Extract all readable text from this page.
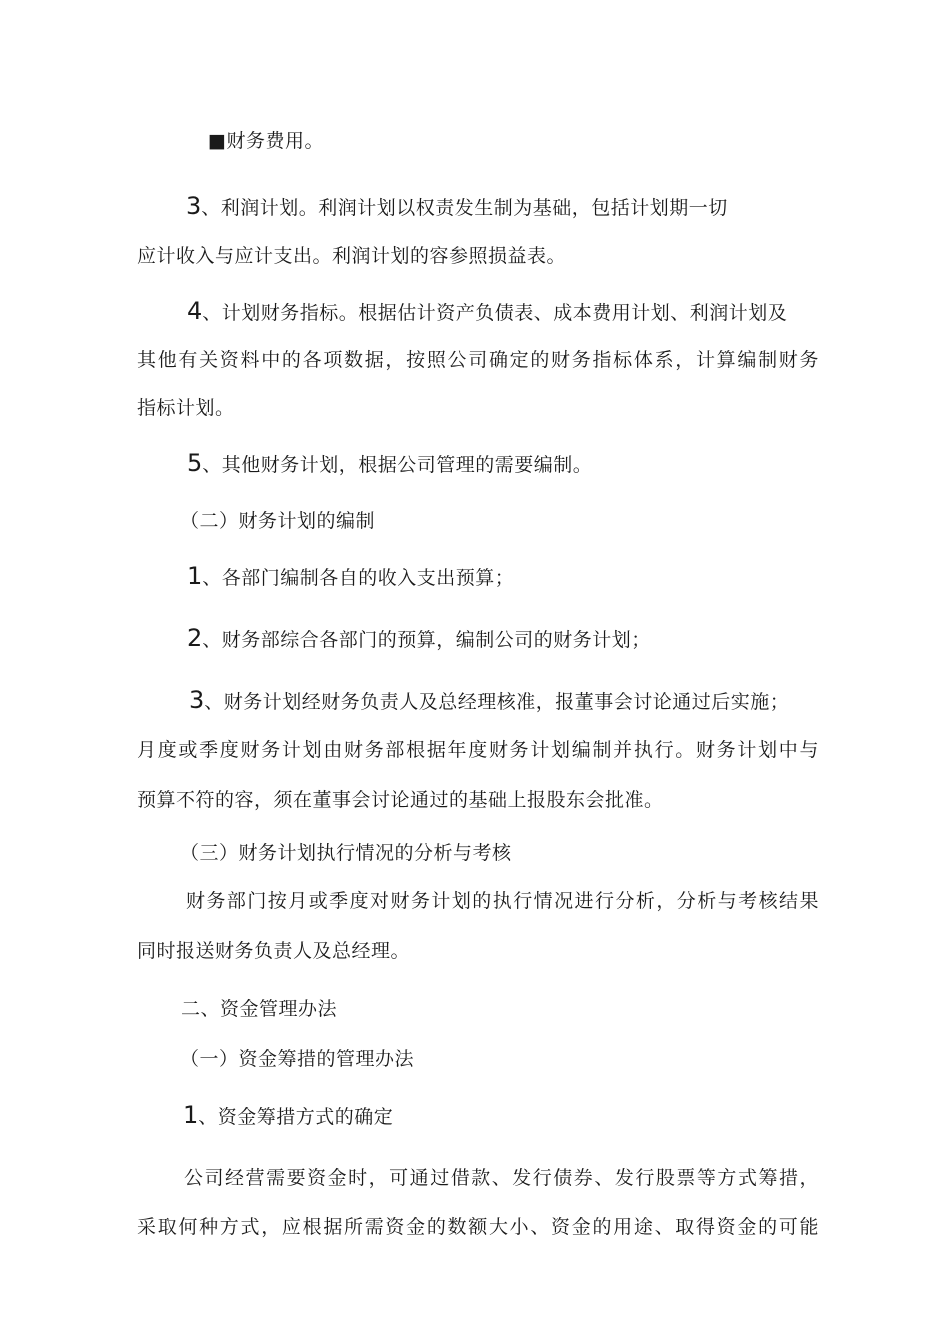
■财务费用。
3、利润计划。利润计划以权责发生制为基础，包括计划期一切
应计收入与应计支出。利润计划的容参照损益表。
4、计划财务指标。根据估计资产负债表、成本费用计划、利润计划及
其他有关资料中的各项数据，按照公司确定的财务指标体系，计算编制财务
指标计划。
5、其他财务计划，根据公司管理的需要编制。
（二）财务计划的编制
1、各部门编制各自的收入支出预算；
2、财务部综合各部门的预算，编制公司的财务计划；
3、财务计划经财务负责人及总经理核准，报董事会讨论通过后实施；
月度或季度财务计划由财务部根据年度财务计划编制并执行。财务计划中与
预算不符的容，须在董事会讨论通过的基础上报股东会批准。
（三）财务计划执行情况的分析与考核
财务部门按月或季度对财务计划的执行情况进行分析，分析与考核结果
同时报送财务负责人及总经理。
二、资金管理办法
（一）资金筹措的管理办法
1、资金筹措方式的确定
公司经营需要资金时，可通过借款、发行债券、发行股票等方式筹措，
采取何种方式，应根据所需资金的数额大小、资金的用途、取得资金的可能
